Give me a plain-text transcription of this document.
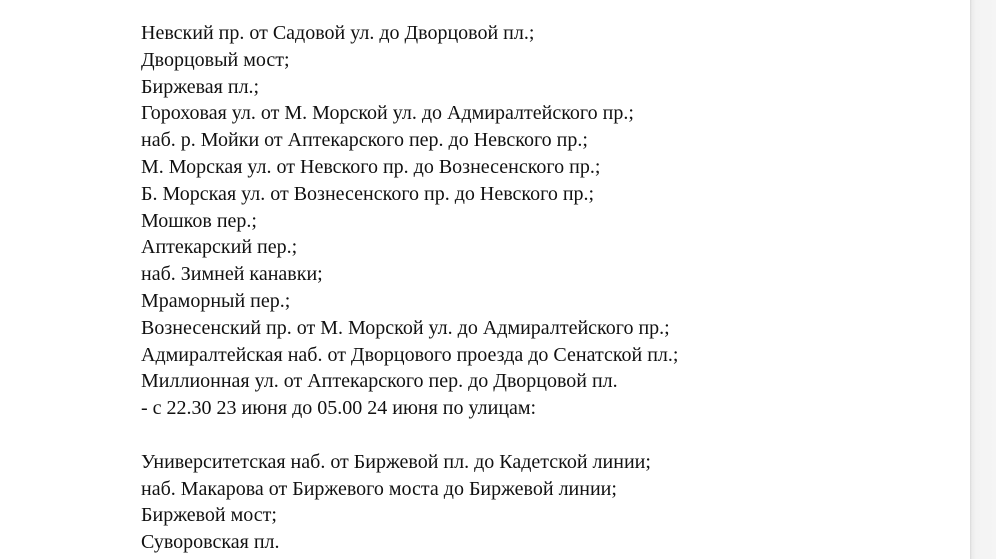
Невский пр. от Садовой ул. до Дворцовой пл.;
Дворцовый мост;
Биржевая пл.;
Гороховая ул. от М. Морской ул. до Адмиралтейского пр.;
наб. р. Мойки от Аптекарского пер. до Невского пр.;
М. Морская ул. от Невского пр. до Вознесенского пр.;
Б. Морская ул. от Вознесенского пр. до Невского пр.;
Мошков пер.;
Аптекарский пер.;
наб. Зимней канавки;
Мраморный пер.;
Вознесенский пр. от М. Морской ул. до Адмиралтейского пр.;
Адмиралтейская наб. от Дворцового проезда до Сенатской пл.;
Миллионная ул. от Аптекарского пер. до Дворцовой пл.
- с 22.30 23 июня до 05.00 24 июня по улицам:
Университетская наб. от Биржевой пл. до Кадетской линии;
наб. Макарова от Биржевого моста до Биржевой линии;
Биржевой мост;
Суворовская пл.
